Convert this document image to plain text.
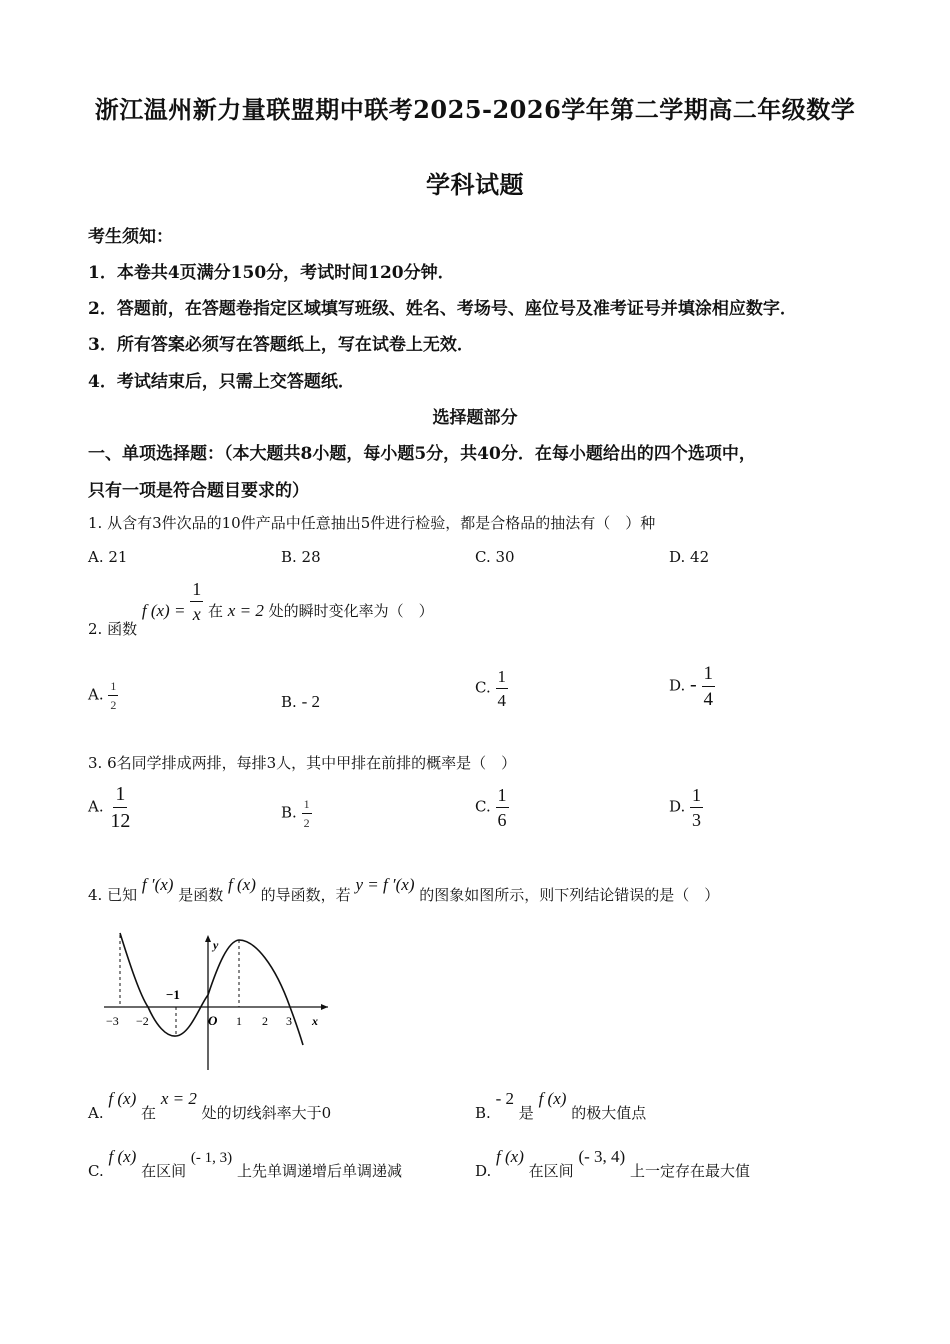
浙江温州新力量联盟期中联考2025-2026学年第二学期高二年级数学
学科试题
考生须知：
1．本卷共4页满分150分，考试时间120分钟．
2．答题前，在答题卷指定区域填写班级、姓名、考场号、座位号及准考证号并填涂相应数字．
3．所有答案必须写在答题纸上，写在试卷上无效．
4．考试结束后，只需上交答题纸．
选择题部分
一、单项选择题：（本大题共8小题，每小题5分，共40分．在每小题给出的四个选项中，
只有一项是符合题目要求的）
1. 从含有3件次品的10件产品中任意抽出5件进行检验，都是合格品的抽法有（　）种
A. 21	B. 28	C. 30	D. 42
2. 函数 f $(x) = \frac{1}{x}$ 在 x = 2 处的瞬时变化率为（　）
A. $\frac{1}{2}$	B. - 2
C. $\frac{1}{4}$	D. - $\frac{1}{4}$
3. 6名同学排成两排，每排3人，其中甲排在前排的概率是（　）
A. $\frac{1}{12}$	B. $\frac{1}{2}$	C. $\frac{1}{6}$	D. $\frac{1}{3}$
4. 已知 f ′(x) 是函数 f (x) 的导函数，若 y = f ′(x) 的图象如图所示，则下列结论错误的是（　）
y
x
O
−1
−3 −2	1 2 3
A. f (x) 在 x = 2 处的切线斜率大于0	B. - 2 是 f (x) 的极大值点
C. f (x) 在区间 (- 1, 3) 上先单调递增后单调递减	D. f (x) 在区间 (- 3, 4) 上一定存在最大值
